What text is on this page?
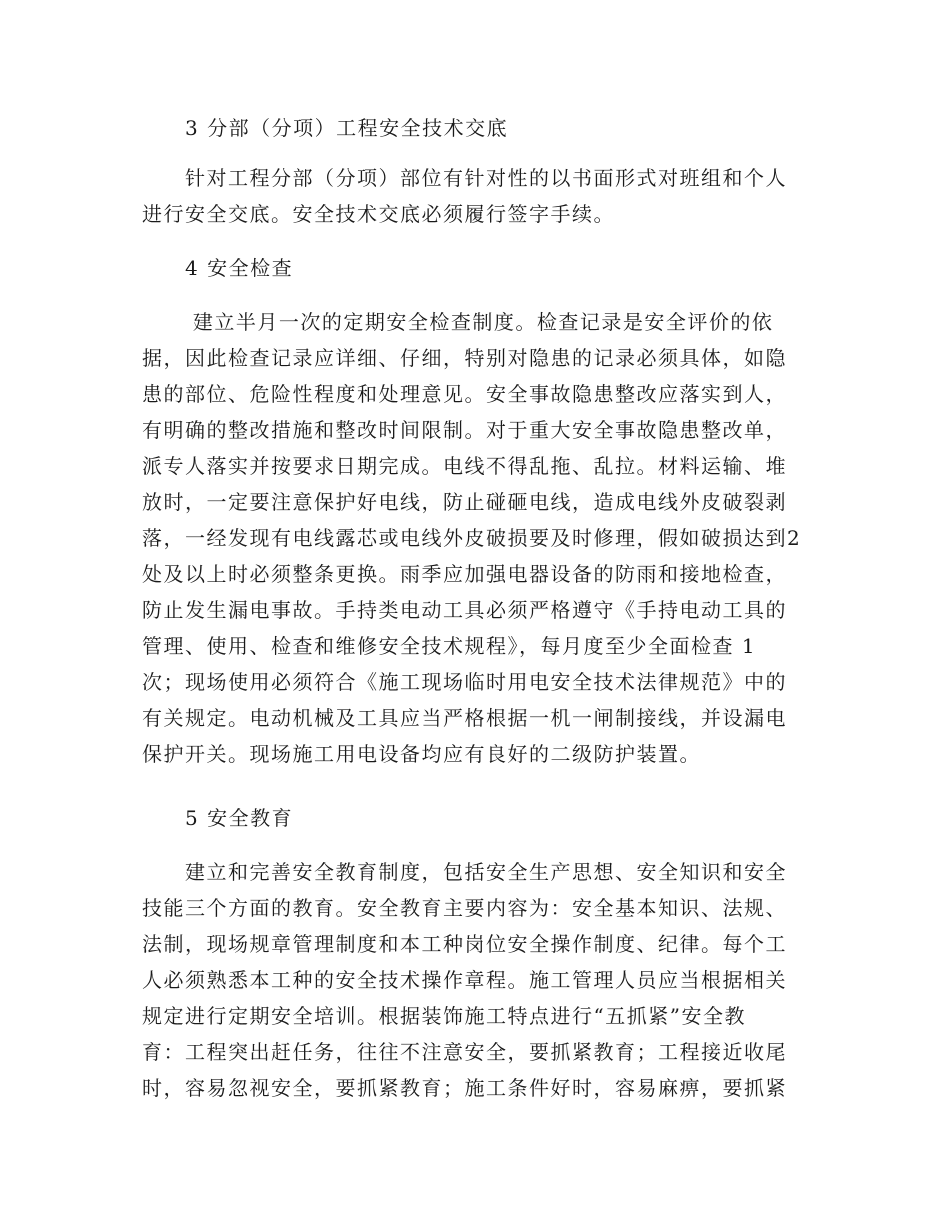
3 分部（分项）工程安全技术交底
　　针对工程分部（分项）部位有针对性的以书面形式对班组和个人
进行安全交底。安全技术交底必须履行签字手续。
4 安全检查
　　 建立半月一次的定期安全检查制度。检查记录是安全评价的依
据，因此检查记录应详细、仔细，特别对隐患的记录必须具体，如隐
患的部位、危险性程度和处理意见。安全事故隐患整改应落实到人，
有明确的整改措施和整改时间限制。对于重大安全事故隐患整改单，
派专人落实并按要求日期完成。电线不得乱拖、乱拉。材料运输、堆
放时，一定要注意保护好电线，防止碰砸电线，造成电线外皮破裂剥
落，一经发现有电线露芯或电线外皮破损要及时修理，假如破损达到2
处及以上时必须整条更换。雨季应加强电器设备的防雨和接地检查，
防止发生漏电事故。手持类电动工具必须严格遵守《手持电动工具的
管理、使用、检查和维修安全技术规程》，每月度至少全面检查 1
次；现场使用必须符合《施工现场临时用电安全技术法律规范》中的
有关规定。电动机械及工具应当严格根据一机一闸制接线，并设漏电
保护开关。现场施工用电设备均应有良好的二级防护装置。
5 安全教育
　　建立和完善安全教育制度，包括安全生产思想、安全知识和安全
技能三个方面的教育。安全教育主要内容为：安全基本知识、法规、
法制，现场规章管理制度和本工种岗位安全操作制度、纪律。每个工
人必须熟悉本工种的安全技术操作章程。施工管理人员应当根据相关
规定进行定期安全培训。根据装饰施工特点进行“五抓紧”安全教
育：工程突出赶任务，往往不注意安全，要抓紧教育；工程接近收尾
时，容易忽视安全，要抓紧教育；施工条件好时，容易麻痹，要抓紧
